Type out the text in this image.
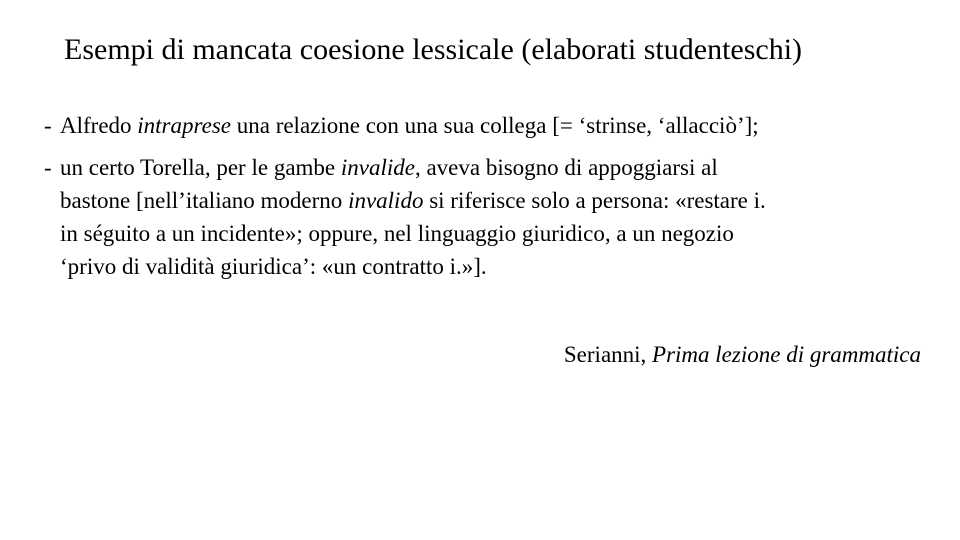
Esempi di mancata coesione lessicale (elaborati studenteschi)
- Alfredo intraprese una relazione con una sua collega [= ‘strinse, ‘allacciò’];
- un certo Torella, per le gambe invalide, aveva bisogno di appoggiarsi al
bastone [nell’italiano moderno invalido si riferisce solo a persona: «restare i.
in séguito a un incidente»; oppure, nel linguaggio giuridico, a un negozio
‘privo di validità giuridica’: «un contratto i.»].
Serianni, Prima lezione di grammatica
